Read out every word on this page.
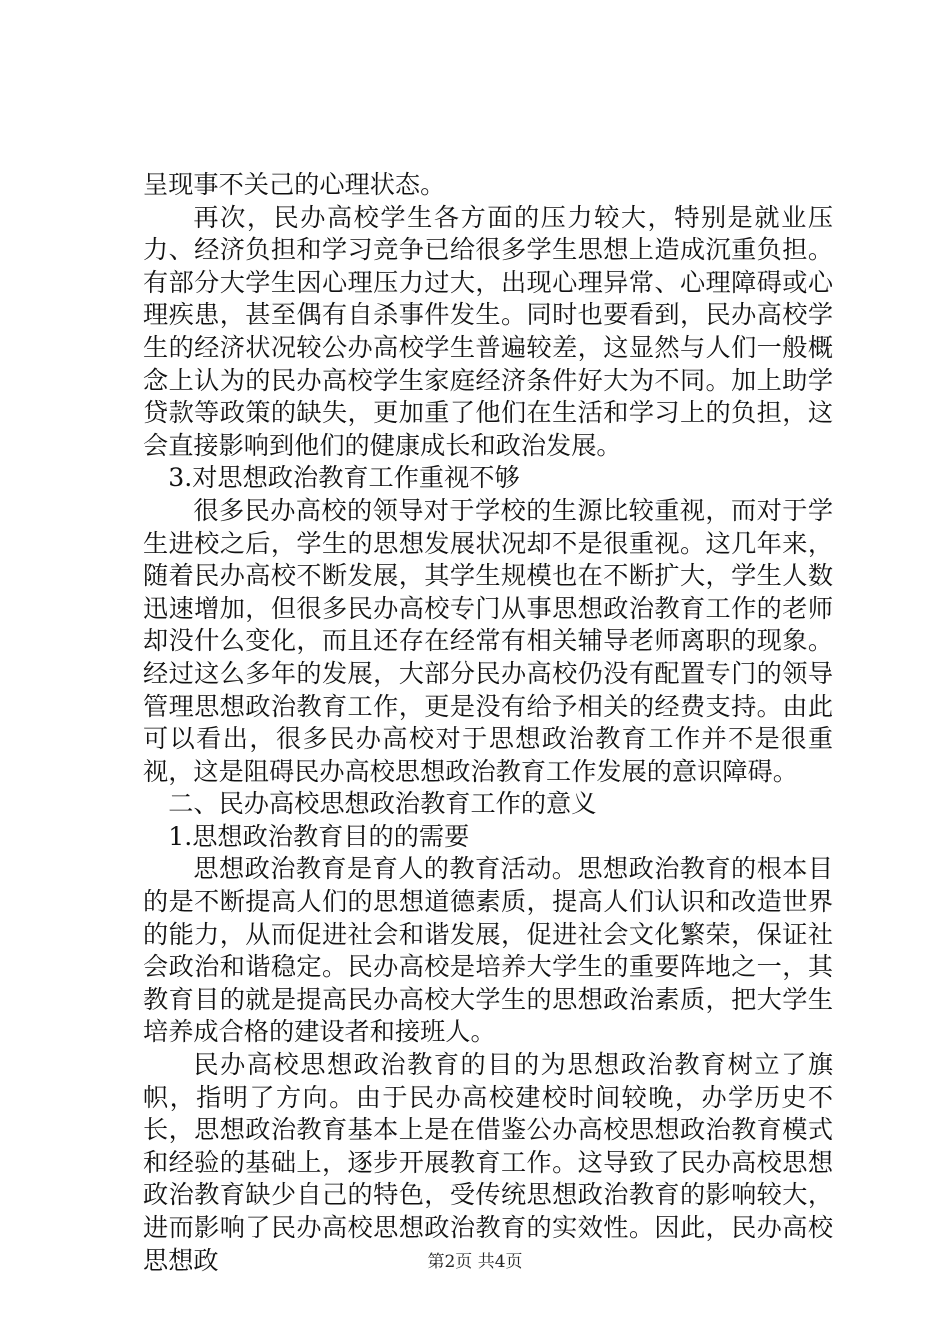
呈现事不关己的心理状态。

再次，民办高校学生各方面的压力较大，特别是就业压力、经济负担和学习竞争已给很多学生思想上造成沉重负担。有部分大学生因心理压力过大，出现心理异常、心理障碍或心理疾患，甚至偶有自杀事件发生。同时也要看到，民办高校学生的经济状况较公办高校学生普遍较差，这显然与人们一般概念上认为的民办高校学生家庭经济条件好大为不同。加上助学贷款等政策的缺失，更加重了他们在生活和学习上的负担，这会直接影响到他们的健康成长和政治发展。

3.对思想政治教育工作重视不够

很多民办高校的领导对于学校的生源比较重视，而对于学生进校之后，学生的思想发展状况却不是很重视。这几年来，随着民办高校不断发展，其学生规模也在不断扩大，学生人数迅速增加，但很多民办高校专门从事思想政治教育工作的老师却没什么变化，而且还存在经常有相关辅导老师离职的现象。经过这么多年的发展，大部分民办高校仍没有配置专门的领导管理思想政治教育工作，更是没有给予相关的经费支持。由此可以看出，很多民办高校对于思想政治教育工作并不是很重视，这是阻碍民办高校思想政治教育工作发展的意识障碍。

二、民办高校思想政治教育工作的意义

1.思想政治教育目的的需要

思想政治教育是育人的教育活动。思想政治教育的根本目的是不断提高人们的思想道德素质，提高人们认识和改造世界的能力，从而促进社会和谐发展，促进社会文化繁荣，保证社会政治和谐稳定。民办高校是培养大学生的重要阵地之一，其教育目的就是提高民办高校大学生的思想政治素质，把大学生培养成合格的建设者和接班人。

民办高校思想政治教育的目的为思想政治教育树立了旗帜，指明了方向。由于民办高校建校时间较晚，办学历史不长，思想政治教育基本上是在借鉴公办高校思想政治教育模式和经验的基础上，逐步开展教育工作。这导致了民办高校思想政治教育缺少自己的特色，受传统思想政治教育的影响较大，进而影响了民办高校思想政治教育的实效性。因此，民办高校思想政	第2页 共4页
